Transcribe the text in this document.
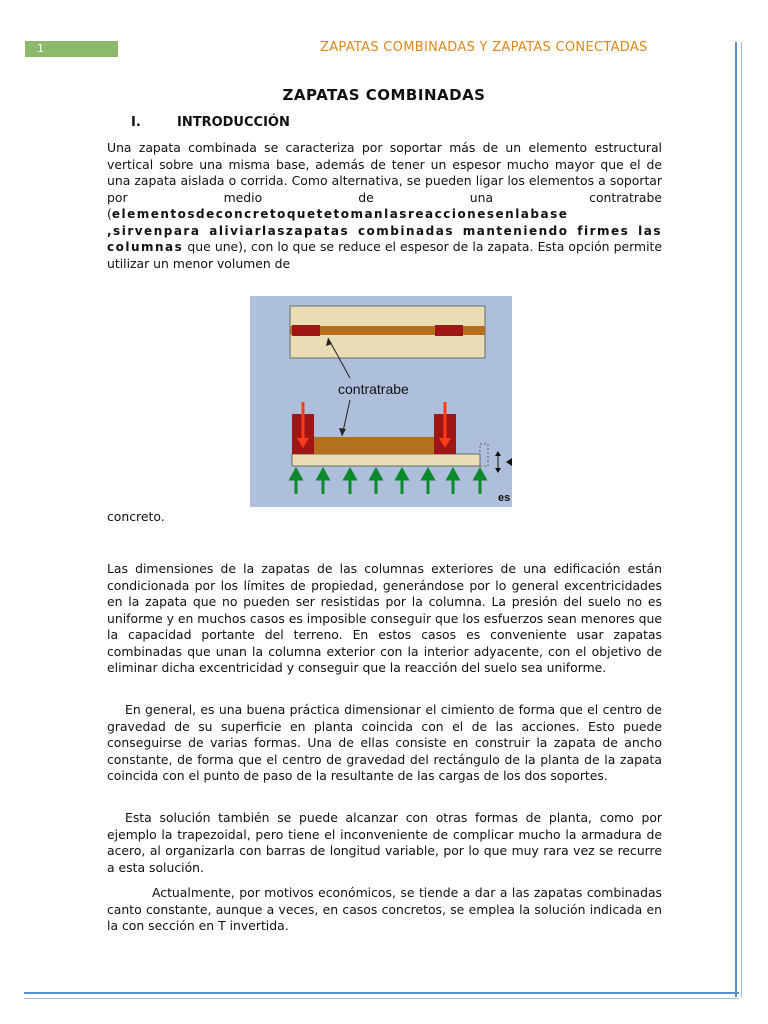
1	ZAPATAS COMBINADAS Y ZAPATAS CONECTADAS
ZAPATAS COMBINADAS
I.	INTRODUCCIÓN

Una zapata combinada se caracteriza por soportar más de un elemento estructural vertical sobre una misma base, además de tener un espesor mucho mayor que el de una zapata aislada o corrida. Como alternativa, se pueden ligar los elementos a soportar por medio de una contratrabe (elementosdeconcretoquetetomanlasreaccionesenlabase ,sirvenpara aliviarlaszapatas combinadas manteniendo firmes las columnas que une), con lo que se reduce el espesor de la zapata. Esta opción permite utilizar un menor volumen de

contratrabe
es

concreto.

Las dimensiones de la zapatas de las columnas exteriores de una edificación están condicionada por los límites de propiedad, generándose por lo general excentricidades en la zapata que no pueden ser resistidas por la columna. La presión del suelo no es uniforme y en muchos casos es imposible conseguir que los esfuerzos sean menores que la capacidad portante del terreno. En estos casos es conveniente usar zapatas combinadas que unan la columna exterior con la interior adyacente, con el objetivo de eliminar dicha excentricidad y conseguir que la reacción del suelo sea uniforme.

En general, es una buena práctica dimensionar el cimiento de forma que el centro de gravedad de su superficie en planta coincida con el de las acciones. Esto puede conseguirse de varias formas. Una de ellas consiste en construir la zapata de ancho constante, de forma que el centro de gravedad del rectángulo de la planta de la zapata coincida con el punto de paso de la resultante de las cargas de los dos soportes.

Esta solución también se puede alcanzar con otras formas de planta, como por ejemplo la trapezoidal, pero tiene el inconveniente de complicar mucho la armadura de acero, al organizarla con barras de longitud variable, por lo que muy rara vez se recurre a esta solución.

Actualmente, por motivos económicos, se tiende a dar a las zapatas combinadas canto constante, aunque a veces, en casos concretos, se emplea la solución indicada en la con sección en T invertida.
